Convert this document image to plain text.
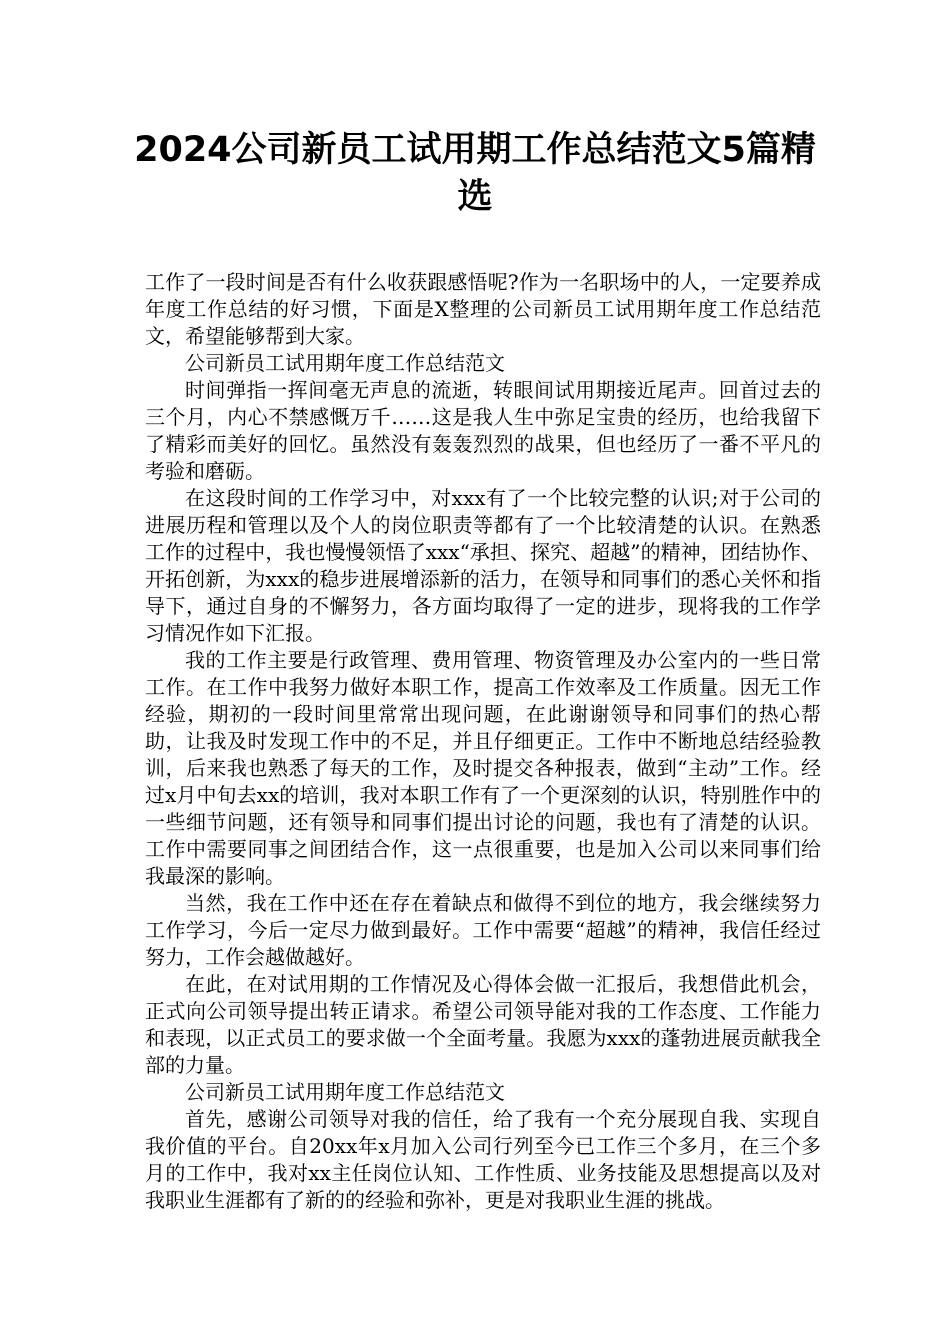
2024公司新员工试用期工作总结范文5篇精选

工作了一段时间是否有什么收获跟感悟呢?作为一名职场中的人，一定要养成年度工作总结的好习惯，下面是X整理的公司新员工试用期年度工作总结范文，希望能够帮到大家。

公司新员工试用期年度工作总结范文

时间弹指一挥间毫无声息的流逝，转眼间试用期接近尾声。回首过去的三个月，内心不禁感慨万千……这是我人生中弥足宝贵的经历，也给我留下了精彩而美好的回忆。虽然没有轰轰烈烈的战果，但也经历了一番不平凡的考验和磨砺。

在这段时间的工作学习中，对xxx有了一个比较完整的认识;对于公司的进展历程和管理以及个人的岗位职责等都有了一个比较清楚的认识。在熟悉工作的过程中，我也慢慢领悟了xxx“承担、探究、超越”的精神，团结协作、开拓创新，为xxx的稳步进展增添新的活力，在领导和同事们的悉心关怀和指导下，通过自身的不懈努力，各方面均取得了一定的进步，现将我的工作学习情况作如下汇报。

我的工作主要是行政管理、费用管理、物资管理及办公室内的一些日常工作。在工作中我努力做好本职工作，提高工作效率及工作质量。因无工作经验，期初的一段时间里常常出现问题，在此谢谢领导和同事们的热心帮助，让我及时发现工作中的不足，并且仔细更正。工作中不断地总结经验教训，后来我也熟悉了每天的工作，及时提交各种报表，做到“主动”工作。经过x月中旬去xx的培训，我对本职工作有了一个更深刻的认识，特别胜作中的一些细节问题，还有领导和同事们提出讨论的问题，我也有了清楚的认识。工作中需要同事之间团结合作，这一点很重要，也是加入公司以来同事们给我最深的影响。

当然，我在工作中还在存在着缺点和做得不到位的地方，我会继续努力工作学习，今后一定尽力做到最好。工作中需要“超越”的精神，我信任经过努力，工作会越做越好。

在此，在对试用期的工作情况及心得体会做一汇报后，我想借此机会，正式向公司领导提出转正请求。希望公司领导能对我的工作态度、工作能力和表现，以正式员工的要求做一个全面考量。我愿为xxx的蓬勃进展贡献我全部的力量。

公司新员工试用期年度工作总结范文

首先，感谢公司领导对我的信任，给了我有一个充分展现自我、实现自我价值的平台。自20xx年x月加入公司行列至今已工作三个多月，在三个多月的工作中，我对xx主任岗位认知、工作性质、业务技能及思想提高以及对我职业生涯都有了新的的经验和弥补，更是对我职业生涯的挑战。
